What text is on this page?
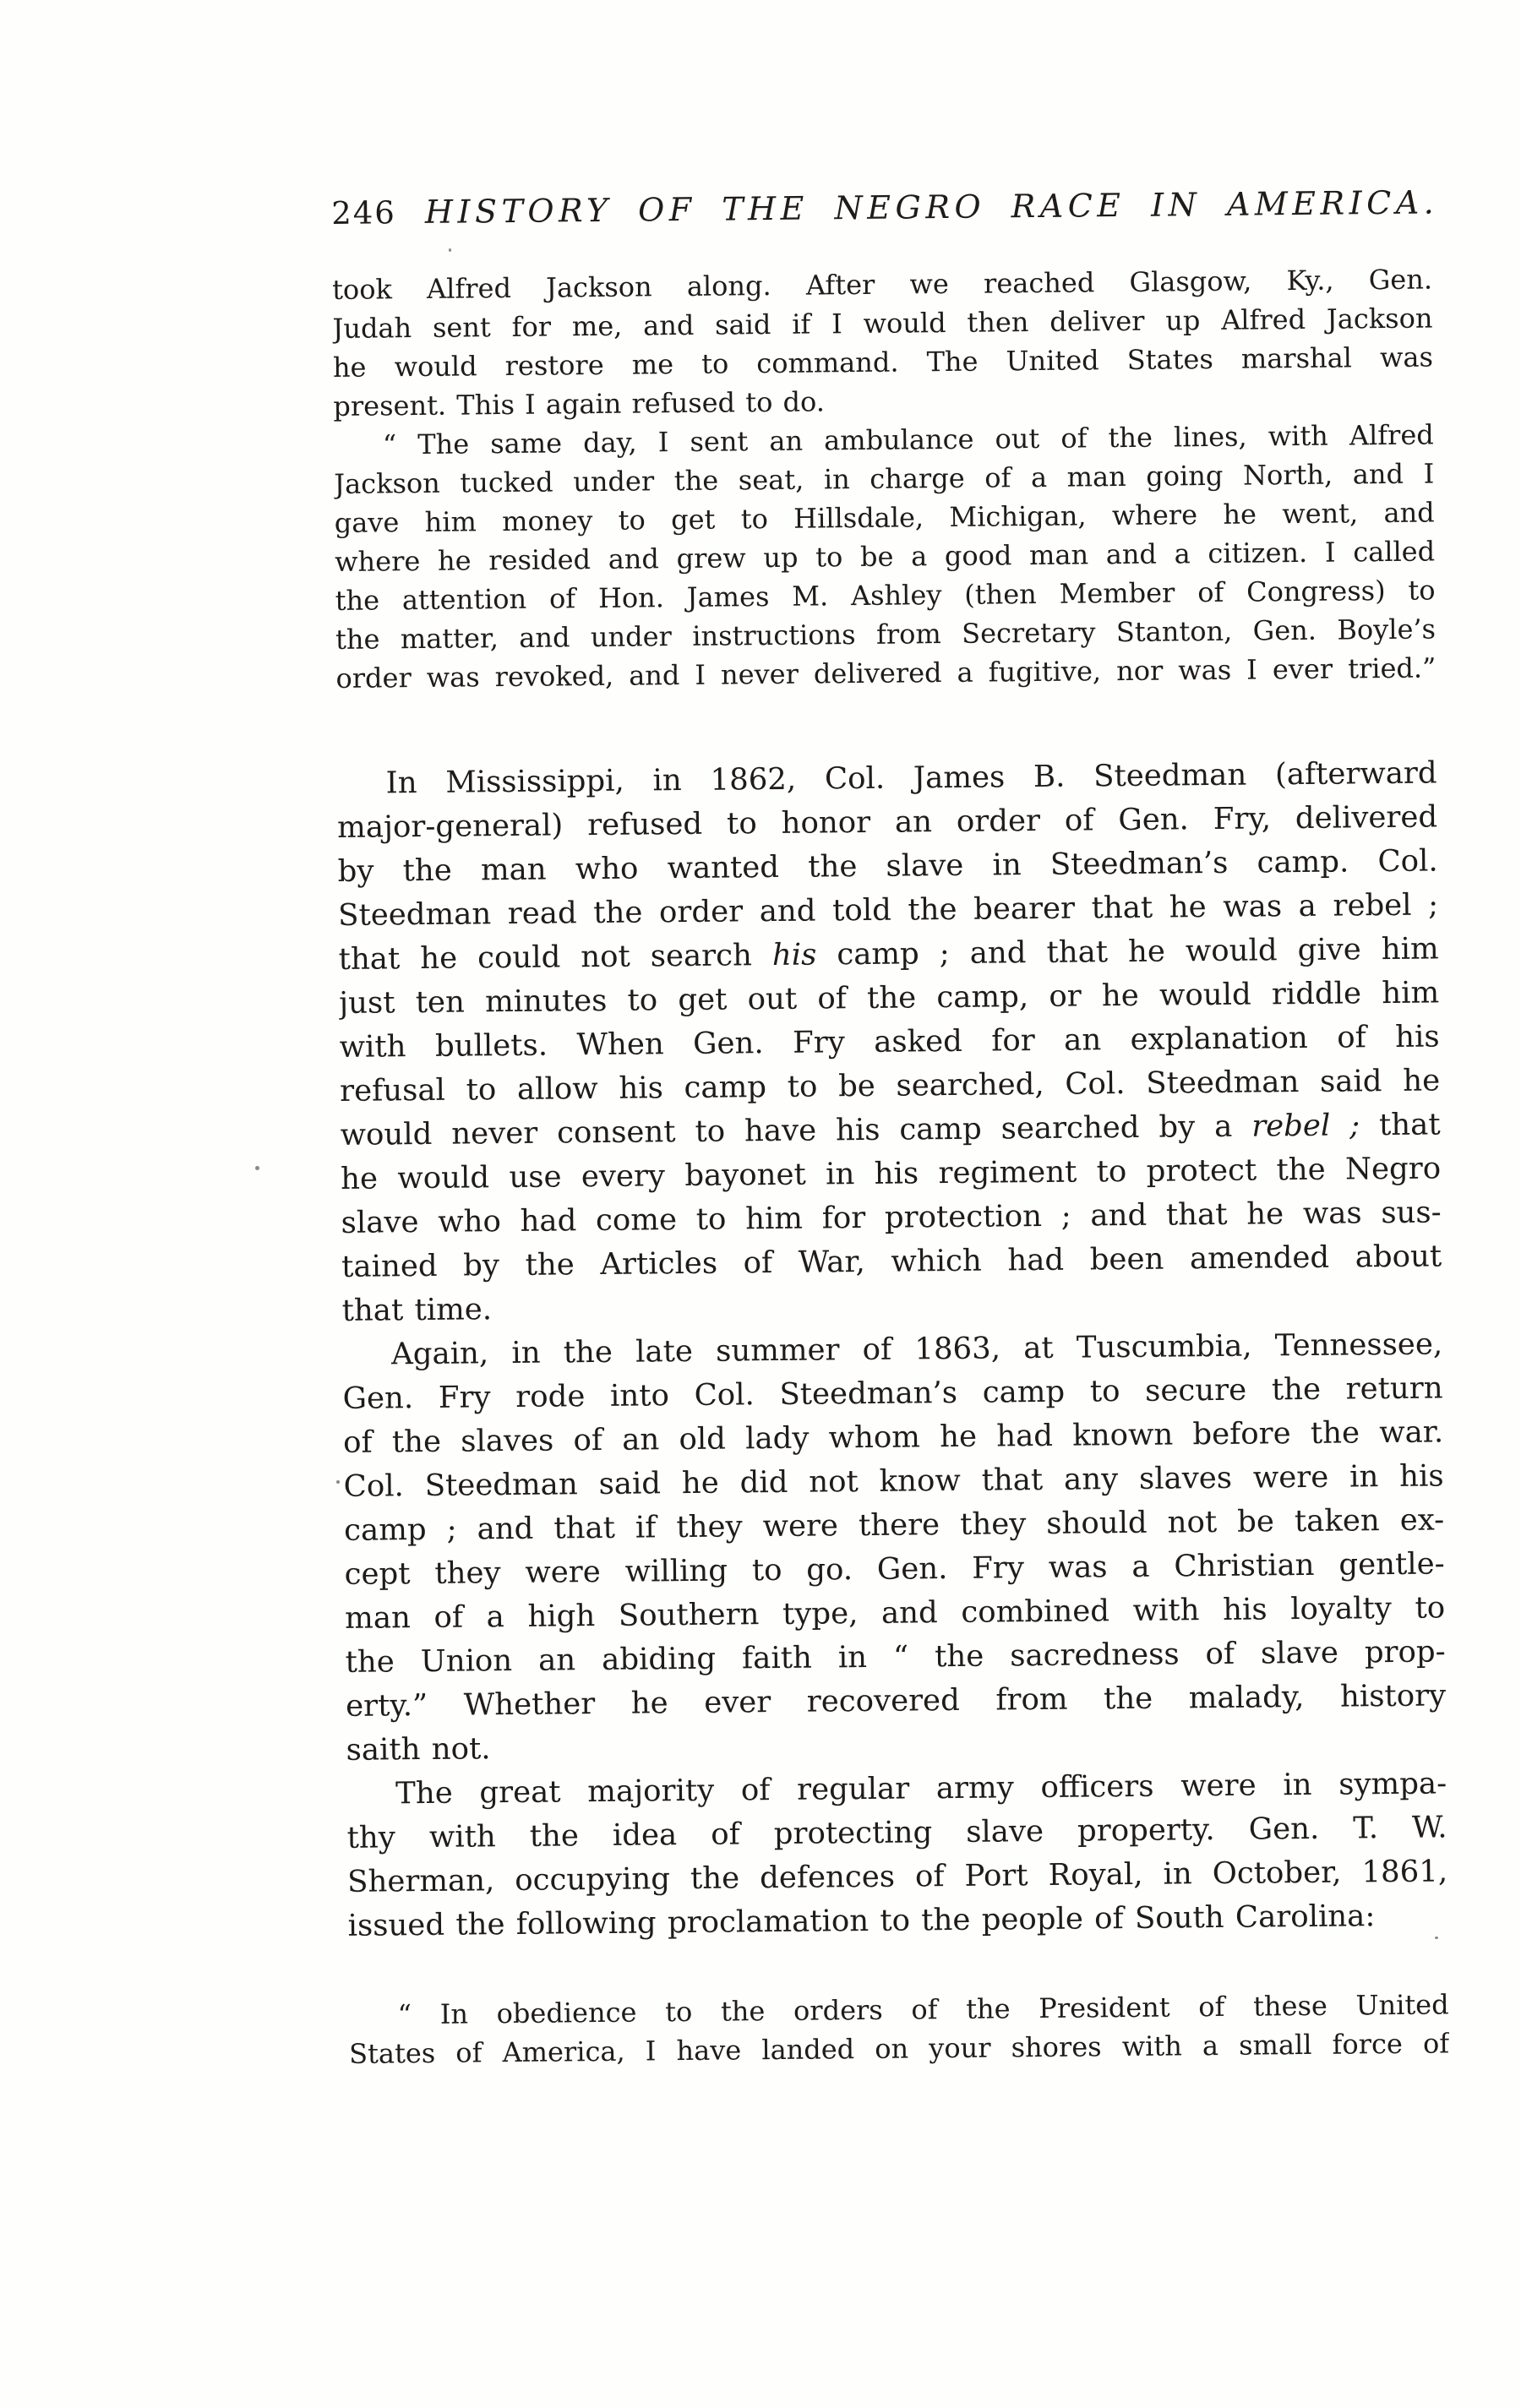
246 HISTORY OF THE NEGRO RACE IN AMERICA.
took Alfred Jackson along. After we reached Glasgow, Ky., Gen.
Judah sent for me, and said if I would then deliver up Alfred Jackson
he would restore me to command. The United States marshal was
present. This I again refused to do.
“ The same day, I sent an ambulance out of the lines, with Alfred
Jackson tucked under the seat, in charge of a man going North, and I
gave him money to get to Hillsdale, Michigan, where he went, and
where he resided and grew up to be a good man and a citizen. I called
the attention of Hon. James M. Ashley (then Member of Congress) to
the matter, and under instructions from Secretary Stanton, Gen. Boyle’s
order was revoked, and I never delivered a fugitive, nor was I ever tried.”
In Mississippi, in 1862, Col. James B. Steedman (afterward
major-general) refused to honor an order of Gen. Fry, delivered
by the man who wanted the slave in Steedman’s camp. Col.
Steedman read the order and told the bearer that he was a rebel ;
that he could not search his camp ; and that he would give him
just ten minutes to get out of the camp, or he would riddle him
with bullets. When Gen. Fry asked for an explanation of his
refusal to allow his camp to be searched, Col. Steedman said he
would never consent to have his camp searched by a rebel ; that
he would use every bayonet in his regiment to protect the Negro
slave who had come to him for protection ; and that he was sus-
tained by the Articles of War, which had been amended about
that time.
Again, in the late summer of 1863, at Tuscumbia, Tennessee,
Gen. Fry rode into Col. Steedman’s camp to secure the return
of the slaves of an old lady whom he had known before the war.
Col. Steedman said he did not know that any slaves were in his
camp ; and that if they were there they should not be taken ex-
cept they were willing to go. Gen. Fry was a Christian gentle-
man of a high Southern type, and combined with his loyalty to
the Union an abiding faith in “ the sacredness of slave prop-
erty.” Whether he ever recovered from the malady, history
saith not.
The great majority of regular army officers were in sympa-
thy with the idea of protecting slave property. Gen. T. W.
Sherman, occupying the defences of Port Royal, in October, 1861,
issued the following proclamation to the people of South Carolina:
“ In obedience to the orders of the President of these United
States of America, I have landed on your shores with a small force of
